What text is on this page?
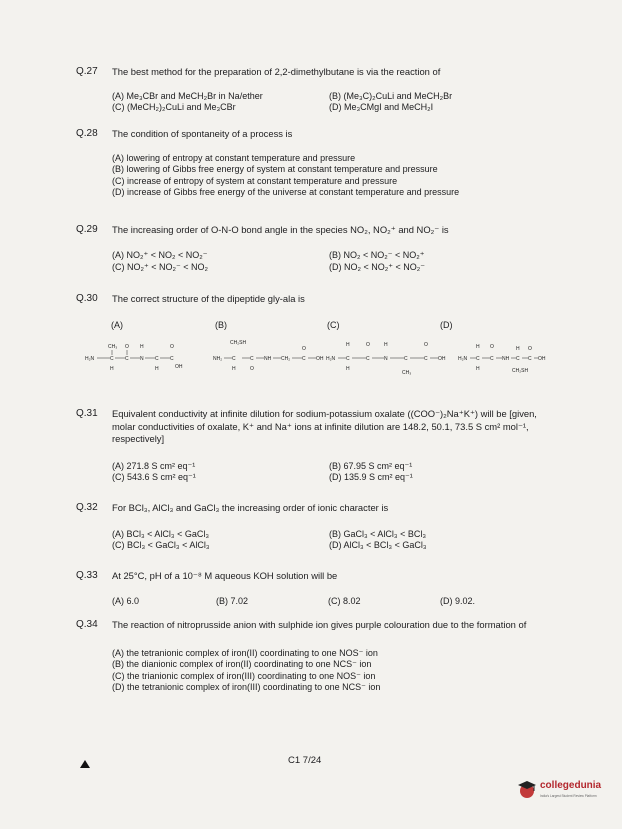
Q.27 The best method for the preparation of 2,2-dimethylbutane is via the reaction of
(A) Me₃CBr and MeCH₂Br in Na/ether	(B) (Me₃C)₂CuLi and MeCH₂Br
(C) (MeCH₂)₂CuLi and Me₃CBr	(D) Me₃CMgI and MeCH₂I
Q.28 The condition of spontaneity of a process is
(A) lowering of entropy at constant temperature and pressure
(B) lowering of Gibbs free energy of system at constant temperature and pressure
(C) increase of entropy of system at constant temperature and pressure
(D) increase of Gibbs free energy of the universe at constant temperature and pressure
Q.29 The increasing order of O-N-O bond angle in the species NO₂, NO₂⁺ and NO₂⁻ is
(A) NO₂⁺ < NO₂ < NO₂⁻	(B) NO₂ < NO₂⁻ < NO₂⁺
(C) NO₂⁺ < NO₂⁻ < NO₂	(D) NO₂ < NO₂⁺ < NO₂⁻
Q.30 The correct structure of the dipeptide gly-ala is
(A)	(B)	(C)	(D)
H₂N	C
CH₃
H
C
O
N
H
C
H
C
O
OH
NH₂ C
H
CH₂SH
C
O
NH CH₂ C
O
OH H₂N C
H
H
C
O
N
H
C
CH₃
C
O
OH	H₂N C
H
H
C
O
NH C
H
CH₂SH
C
O
OH
Q.31 Equivalent conductivity at infinite dilution for sodium-potassium oxalate ((COO⁻)₂Na⁺K⁺) will be [given, molar conductivities of oxalate, K⁺ and Na⁺ ions at infinite dilution are 148.2, 50.1, 73.5 S cm² mol⁻¹, respectively]
(A) 271.8 S cm² eq⁻¹	(B) 67.95 S cm² eq⁻¹
(C) 543.6 S cm² eq⁻¹	(D) 135.9 S cm² eq⁻¹
Q.32 For BCl₃, AlCl₃ and GaCl₃ the increasing order of ionic character is
(A) BCl₃ < AlCl₃ < GaCl₃	(B) GaCl₃ < AlCl₃ < BCl₃
(C) BCl₃ < GaCl₃ < AlCl₃	(D) AlCl₃ < BCl₃ < GaCl₃
Q.33 At 25°C, pH of a 10⁻⁸ M aqueous KOH solution will be
(A) 6.0	(B) 7.02	(C) 8.02	(D) 9.02.
Q.34 The reaction of nitroprusside anion with sulphide ion gives purple colouration due to the formation of
(A) the tetranionic complex of iron(II) coordinating to one NOS⁻ ion
(B) the dianionic complex of iron(II) coordinating to one NCS⁻ ion
(C) the trianionic complex of iron(III) coordinating to one NOS⁻ ion
(D) the tetranionic complex of iron(III) coordinating to one NCS⁻ ion
C1 7/24
collegedunia
India's Largest Student Review Platform
